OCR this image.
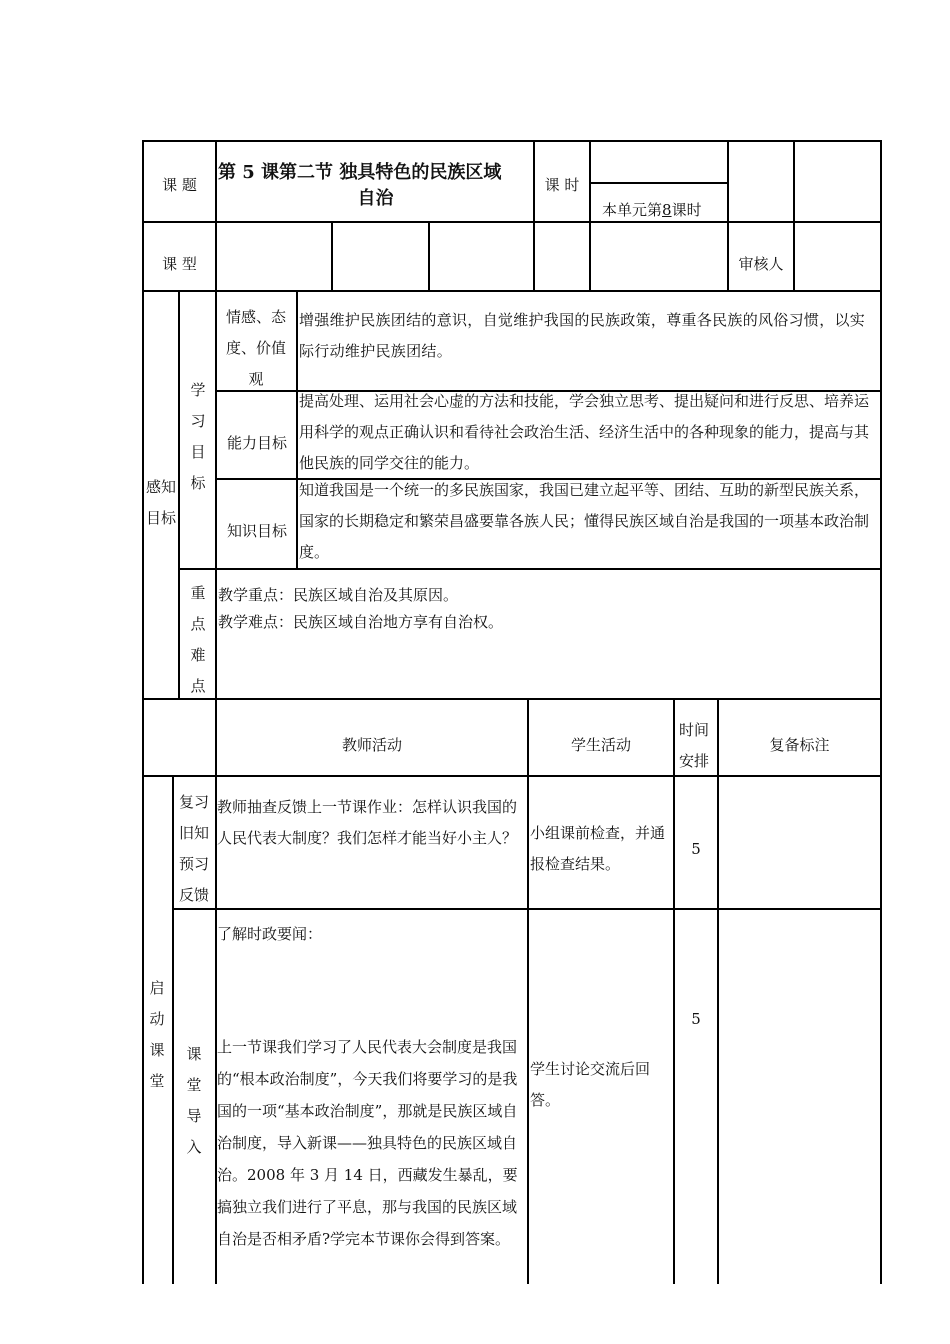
课 题
第 5 课第二节 独具特色的民族区域
自治
课 时
本单元第8课时
课 型	审核人
感知目标
学习目标
情感、态度、价值观
增强维护民族团结的意识，自觉维护我国的民族政策，尊重各民族的风俗习惯，以实际行动维护民族团结。
能力目标
提高处理、运用社会心虚的方法和技能，学会独立思考、提出疑问和进行反思、培养运用科学的观点正确认识和看待社会政治生活、经济生活中的各种现象的能力，提高与其他民族的同学交往的能力。
知识目标
知道我国是一个统一的多民族国家，我国已建立起平等、团结、互助的新型民族关系，国家的长期稳定和繁荣昌盛要靠各族人民；懂得民族区域自治是我国的一项基本政治制度。
重点难点
教学重点：民族区域自治及其原因。
教学难点：民族区域自治地方享有自治权。
教师活动	学生活动
时间安排
复备标注
启动课堂
复习旧知预习反馈
教师抽查反馈上一节课作业：怎样认识我国的人民代表大制度？我们怎样才能当好小主人？ 小组课前检查，并通报检查结果。
5
课堂导入
了解时政要闻：
上一节课我们学习了人民代表大会制度是我国的“根本政治制度”，今天我们将要学习的是我国的一项“基本政治制度”，那就是民族区域自治制度，导入新课——独具特色的民族区域自治。2008 年 3 月 14 日，西藏发生暴乱，要搞独立我们进行了平息，那与我国的民族区域自治是否相矛盾?学完本节课你会得到答案。
学生讨论交流后回答。
5
